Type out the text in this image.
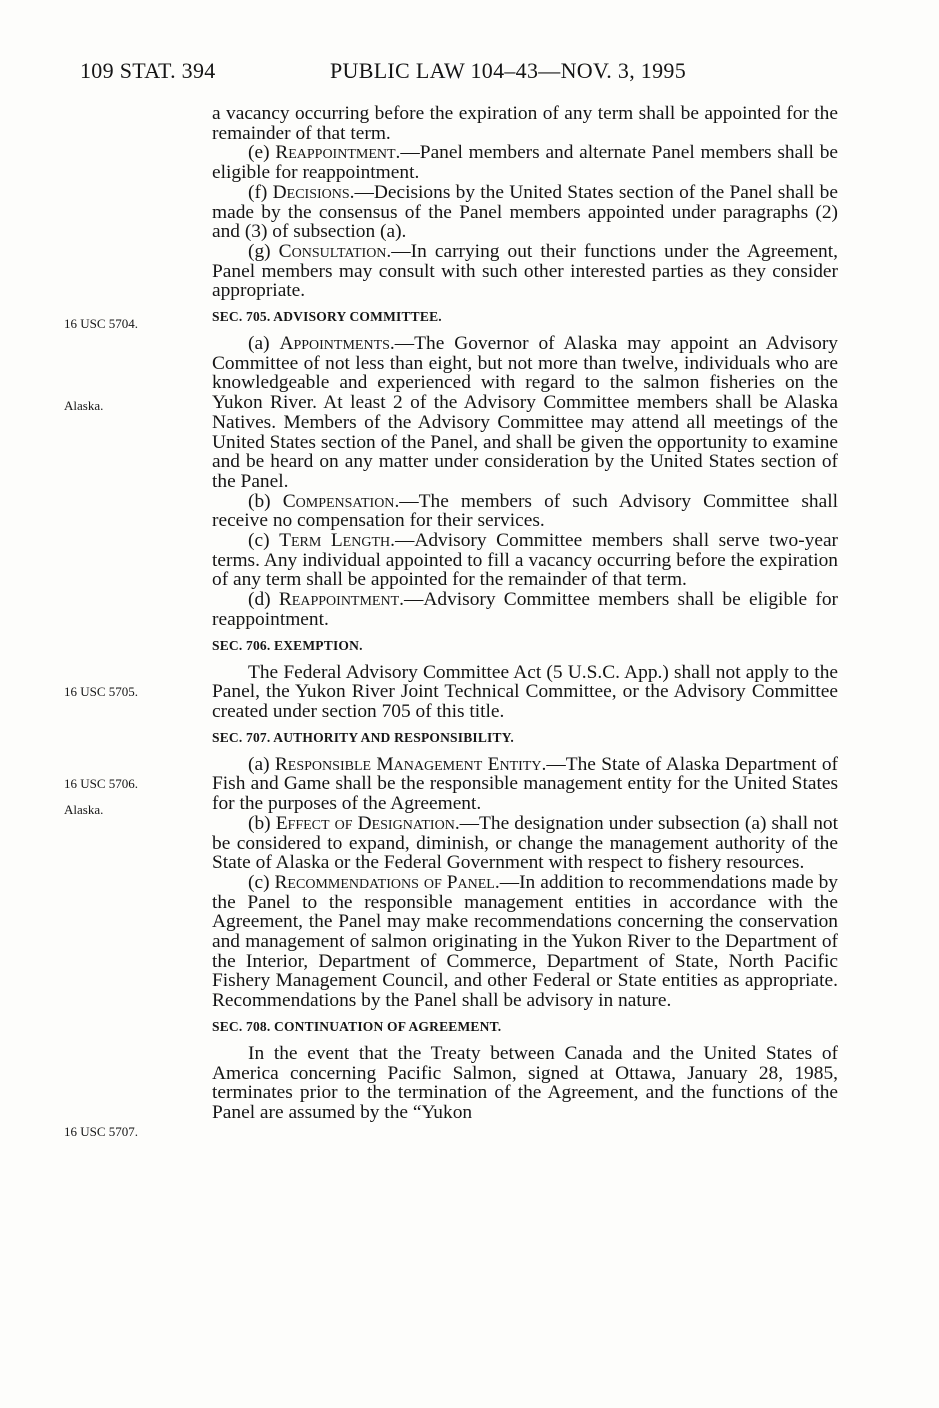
109 STAT. 394	PUBLIC LAW 104–43—NOV. 3, 1995
16 USC 5704.
Alaska.
16 USC 5705.
16 USC 5706.
Alaska.
16 USC 5707.
a vacancy occurring before the expiration of any term shall be appointed for the remainder of that term.
(e) Reappointment.—Panel members and alternate Panel members shall be eligible for reappointment.
(f) Decisions.—Decisions by the United States section of the Panel shall be made by the consensus of the Panel members appointed under paragraphs (2) and (3) of subsection (a).
(g) Consultation.—In carrying out their functions under the Agreement, Panel members may consult with such other interested parties as they consider appropriate.
SEC. 705. ADVISORY COMMITTEE.
(a) Appointments.—The Governor of Alaska may appoint an Advisory Committee of not less than eight, but not more than twelve, individuals who are knowledgeable and experienced with regard to the salmon fisheries on the Yukon River. At least 2 of the Advisory Committee members shall be Alaska Natives. Members of the Advisory Committee may attend all meetings of the United States section of the Panel, and shall be given the opportunity to examine and be heard on any matter under consideration by the United States section of the Panel.
(b) Compensation.—The members of such Advisory Committee shall receive no compensation for their services.
(c) Term Length.—Advisory Committee members shall serve two-year terms. Any individual appointed to fill a vacancy occurring before the expiration of any term shall be appointed for the remainder of that term.
(d) Reappointment.—Advisory Committee members shall be eligible for reappointment.
SEC. 706. EXEMPTION.
The Federal Advisory Committee Act (5 U.S.C. App.) shall not apply to the Panel, the Yukon River Joint Technical Committee, or the Advisory Committee created under section 705 of this title.
SEC. 707. AUTHORITY AND RESPONSIBILITY.
(a) Responsible Management Entity.—The State of Alaska Department of Fish and Game shall be the responsible management entity for the United States for the purposes of the Agreement.
(b) Effect of Designation.—The designation under subsection (a) shall not be considered to expand, diminish, or change the management authority of the State of Alaska or the Federal Government with respect to fishery resources.
(c) Recommendations of Panel.—In addition to recommendations made by the Panel to the responsible management entities in accordance with the Agreement, the Panel may make recommendations concerning the conservation and management of salmon originating in the Yukon River to the Department of the Interior, Department of Commerce, Department of State, North Pacific Fishery Management Council, and other Federal or State entities as appropriate. Recommendations by the Panel shall be advisory in nature.
SEC. 708. CONTINUATION OF AGREEMENT.
In the event that the Treaty between Canada and the United States of America concerning Pacific Salmon, signed at Ottawa, January 28, 1985, terminates prior to the termination of the Agreement, and the functions of the Panel are assumed by the “Yukon
